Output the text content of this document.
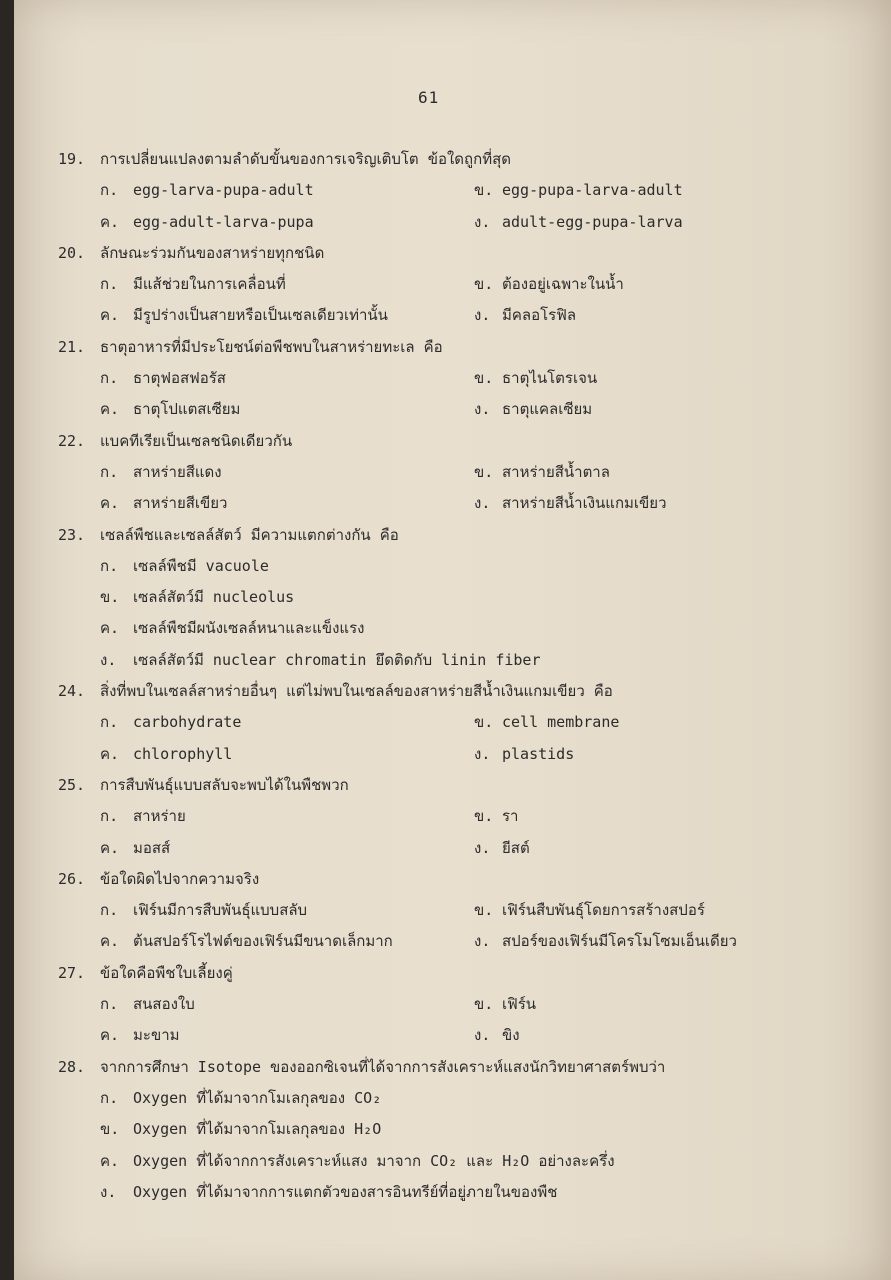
61
19. การเปลี่ยนแปลงตามลำดับขั้นของการเจริญเติบโต ข้อใดถูกที่สุด
ก. egg-larva-pupa-adult	ข. egg-pupa-larva-adult
ค. egg-adult-larva-pupa	ง. adult-egg-pupa-larva
20. ลักษณะร่วมกันของสาหร่ายทุกชนิด
ก. มีแส้ช่วยในการเคลื่อนที่	ข. ต้องอยู่เฉพาะในน้ำ
ค. มีรูปร่างเป็นสายหรือเป็นเซลเดียวเท่านั้น	ง. มีคลอโรฟิล
21. ธาตุอาหารที่มีประโยชน์ต่อพืชพบในสาหร่ายทะเล คือ
ก. ธาตุฟอสฟอรัส	ข. ธาตุไนโตรเจน
ค. ธาตุโปแตสเซียม	ง. ธาตุแคลเซียม
22. แบคทีเรียเป็นเซลชนิดเดียวกัน
ก. สาหร่ายสีแดง	ข. สาหร่ายสีน้ำตาล
ค. สาหร่ายสีเขียว	ง. สาหร่ายสีน้ำเงินแกมเขียว
23. เซลล์พืชและเซลล์สัตว์ มีความแตกต่างกัน คือ
ก. เซลล์พืชมี vacuole
ข. เซลล์สัตว์มี nucleolus
ค. เซลล์พืชมีผนังเซลล์หนาและแข็งแรง
ง. เซลล์สัตว์มี nuclear chromatin ยึดติดกับ linin fiber
24. สิ่งที่พบในเซลล์สาหร่ายอื่นๆ แต่ไม่พบในเซลล์ของสาหร่ายสีน้ำเงินแกมเขียว คือ
ก. carbohydrate	ข. cell membrane
ค. chlorophyll	ง. plastids
25. การสืบพันธุ์แบบสลับจะพบได้ในพืชพวก
ก. สาหร่าย	ข. รา
ค. มอสส์	ง. ยีสต์
26. ข้อใดผิดไปจากความจริง
ก. เฟิร์นมีการสืบพันธุ์แบบสลับ	ข. เฟิร์นสืบพันธุ์โดยการสร้างสปอร์
ค. ต้นสปอร์โรไฟต์ของเฟิร์นมีขนาดเล็กมาก	ง. สปอร์ของเฟิร์นมีโครโมโซมเอ็นเดียว
27. ข้อใดคือพืชใบเลี้ยงคู่
ก. สนสองใบ	ข. เฟิร์น
ค. มะขาม	ง. ขิง
28. จากการศึกษา Isotope ของออกซิเจนที่ได้จากการสังเคราะห์แสงนักวิทยาศาสตร์พบว่า
ก. Oxygen ที่ได้มาจากโมเลกุลของ CO₂
ข. Oxygen ที่ได้มาจากโมเลกุลของ H₂O
ค. Oxygen ที่ได้จากการสังเคราะห์แสง มาจาก CO₂ และ H₂O อย่างละครึ่ง
ง. Oxygen ที่ได้มาจากการแตกตัวของสารอินทรีย์ที่อยู่ภายในของพืช
